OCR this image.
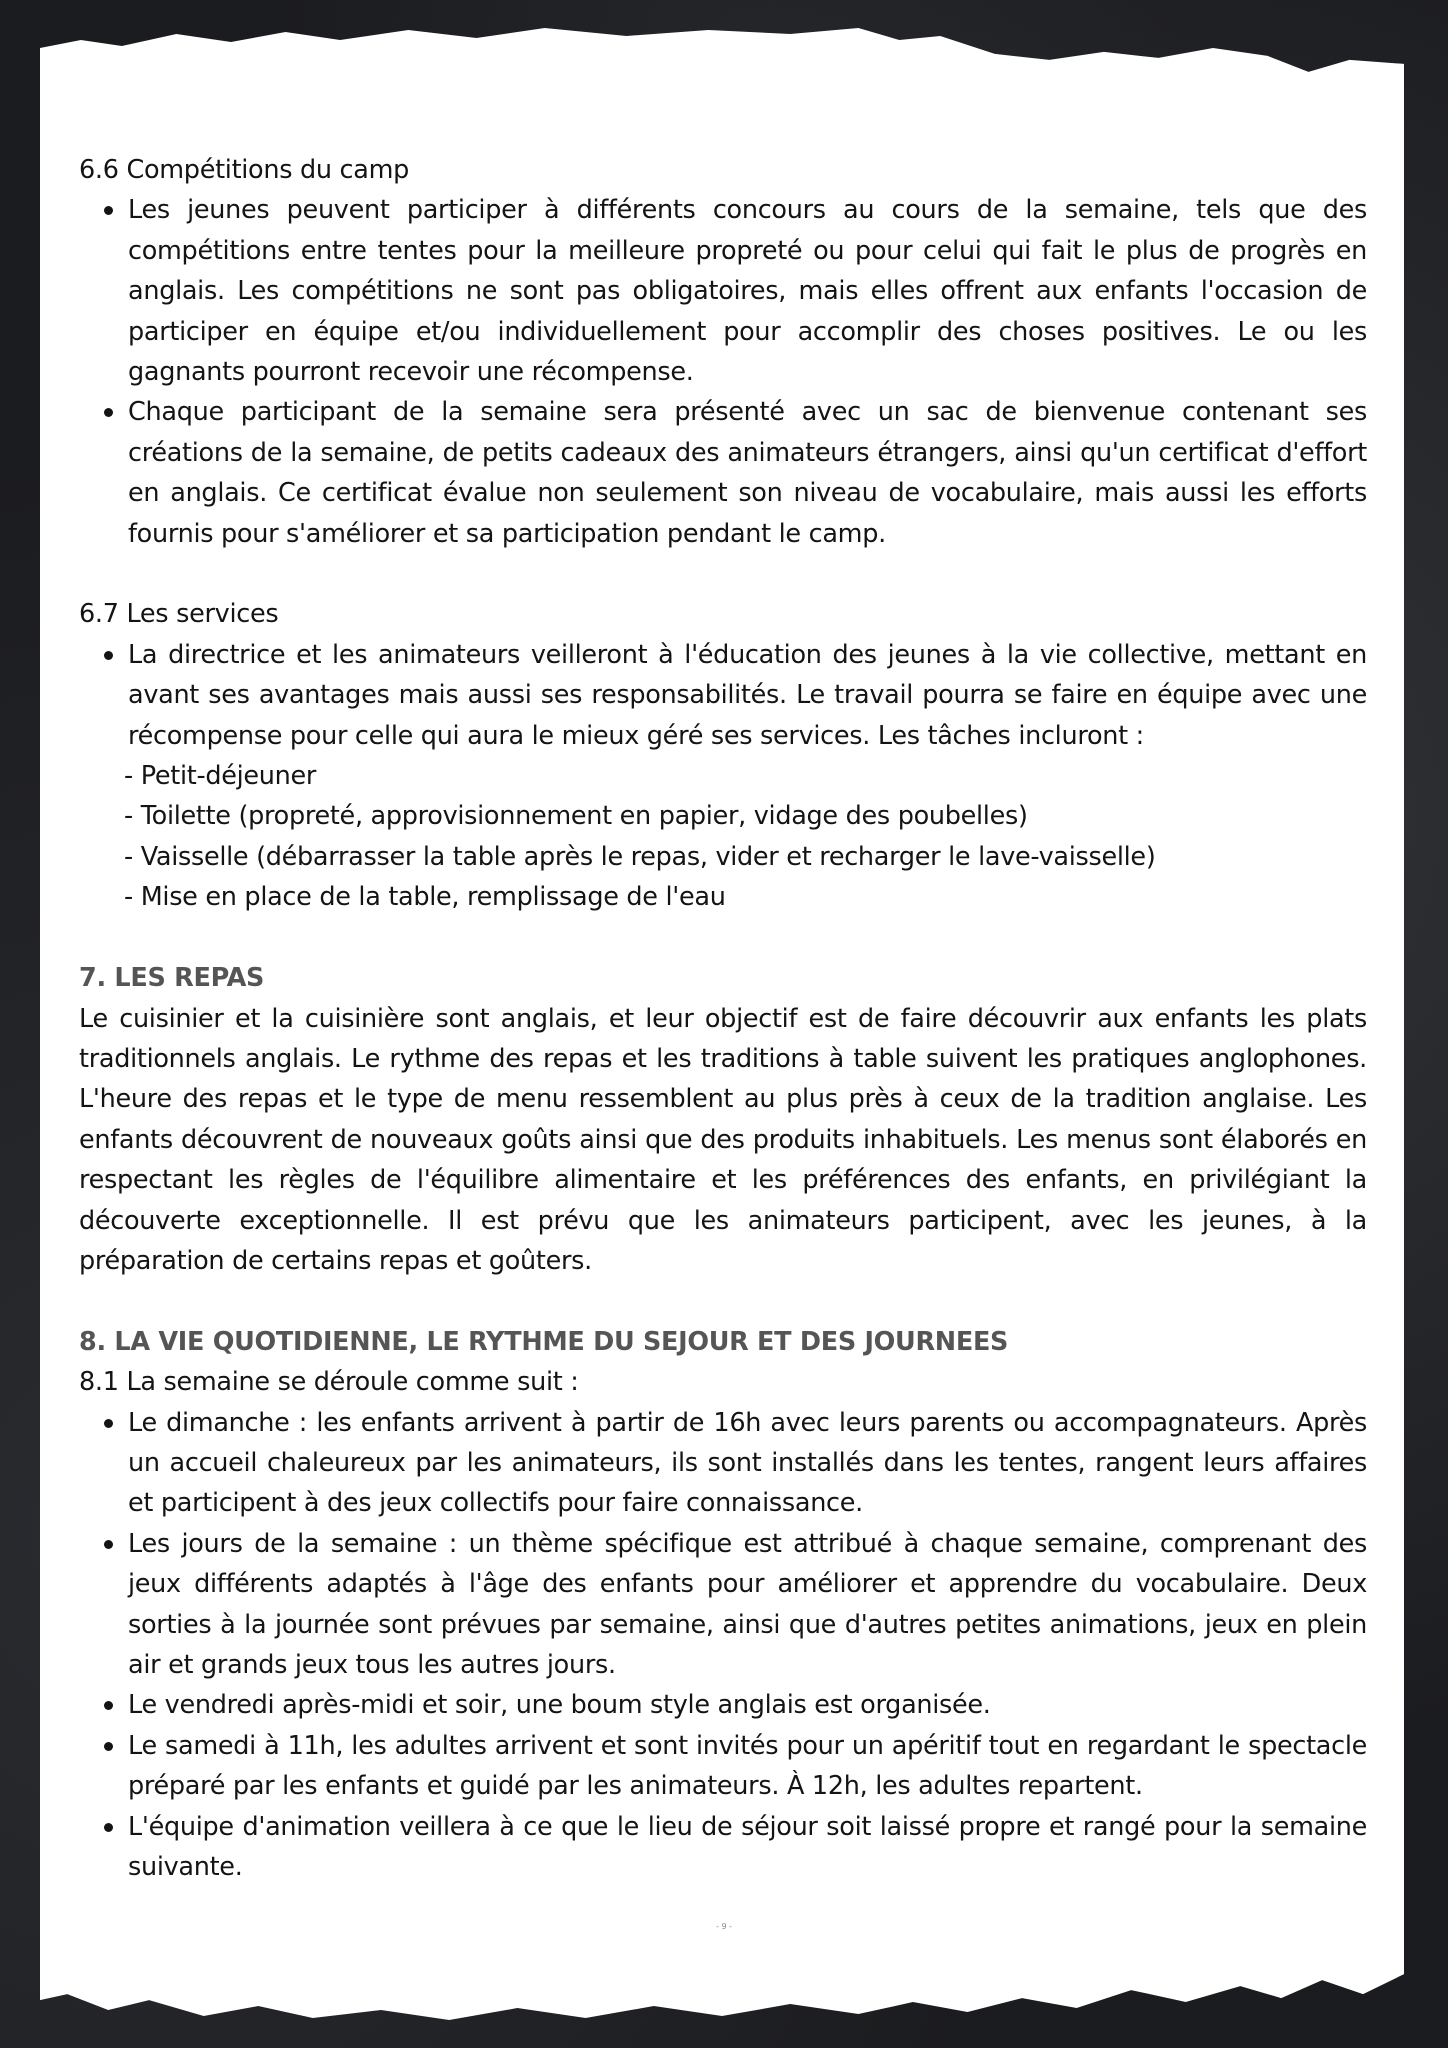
6.6 Compétitions du camp

Les jeunes peuvent participer à différents concours au cours de la semaine, tels que des compétitions entre tentes pour la meilleure propreté ou pour celui qui fait le plus de progrès en anglais. Les compétitions ne sont pas obligatoires, mais elles offrent aux enfants l'occasion de participer en équipe et/ou individuellement pour accomplir des choses positives. Le ou les gagnants pourront recevoir une récompense.
Chaque participant de la semaine sera présenté avec un sac de bienvenue contenant ses créations de la semaine, de petits cadeaux des animateurs étrangers, ainsi qu'un certificat d'effort en anglais. Ce certificat évalue non seulement son niveau de vocabulaire, mais aussi les efforts fournis pour s'améliorer et sa participation pendant le camp.

6.7 Les services

La directrice et les animateurs veilleront à l'éducation des jeunes à la vie collective, mettant en avant ses avantages mais aussi ses responsabilités. Le travail pourra se faire en équipe avec une récompense pour celle qui aura le mieux géré ses services. Les tâches incluront :

- Petit-déjeuner

- Toilette (propreté, approvisionnement en papier, vidage des poubelles)

- Vaisselle (débarrasser la table après le repas, vider et recharger le lave-vaisselle)

- Mise en place de la table, remplissage de l'eau

7. LES REPAS

Le cuisinier et la cuisinière sont anglais, et leur objectif est de faire découvrir aux enfants les plats traditionnels anglais. Le rythme des repas et les traditions à table suivent les pratiques anglophones. L'heure des repas et le type de menu ressemblent au plus près à ceux de la tradition anglaise. Les enfants découvrent de nouveaux goûts ainsi que des produits inhabituels. Les menus sont élaborés en respectant les règles de l'équilibre alimentaire et les préférences des enfants, en privilégiant la découverte exceptionnelle. Il est prévu que les animateurs participent, avec les jeunes, à la préparation de certains repas et goûters.

8. LA VIE QUOTIDIENNE, LE RYTHME DU SEJOUR ET DES JOURNEES

8.1 La semaine se déroule comme suit :

Le dimanche : les enfants arrivent à partir de 16h avec leurs parents ou accompagnateurs. Après un accueil chaleureux par les animateurs, ils sont installés dans les tentes, rangent leurs affaires et participent à des jeux collectifs pour faire connaissance.
Les jours de la semaine : un thème spécifique est attribué à chaque semaine, comprenant des jeux différents adaptés à l'âge des enfants pour améliorer et apprendre du vocabulaire. Deux sorties à la journée sont prévues par semaine, ainsi que d'autres petites animations, jeux en plein air et grands jeux tous les autres jours.
Le vendredi après-midi et soir, une boum style anglais est organisée.
Le samedi à 11h, les adultes arrivent et sont invités pour un apéritif tout en regardant le spectacle préparé par les enfants et guidé par les animateurs. À 12h, les adultes repartent.
L'équipe d'animation veillera à ce que le lieu de séjour soit laissé propre et rangé pour la semaine suivante.
- 9 -
